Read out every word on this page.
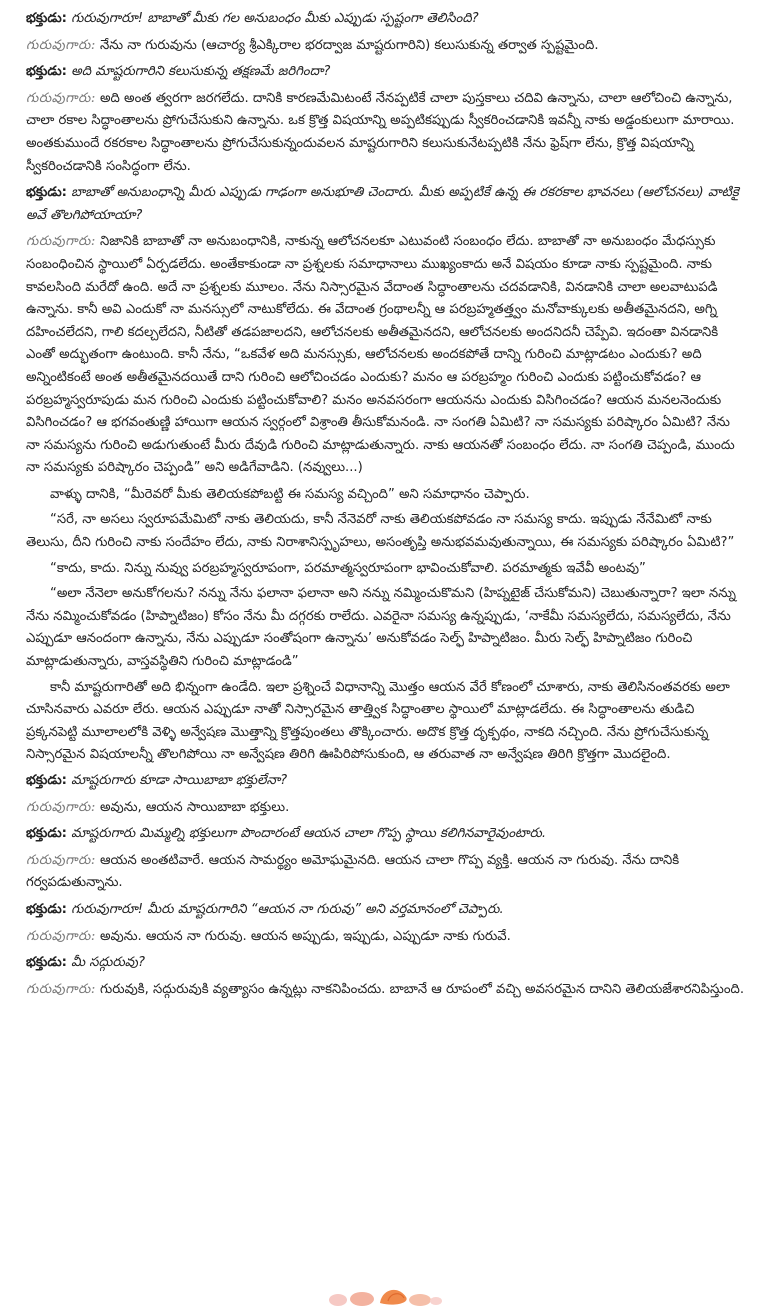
భక్తుడు: గురువుగారూ! బాబాతో మీకు గల అనుబంధం మీకు ఎప్పుడు స్పష్టంగా తెలిసింది?

గురువుగారు: నేను నా గురువును (ఆచార్య శ్రీఎక్కిరాల భరద్వాజ మాష్టరుగారిని) కలుసుకున్న తర్వాత స్పష్టమైంది.

భక్తుడు: అది మాష్టరుగారిని కలుసుకున్న తక్షణమే జరిగిందా?

గురువుగారు: అది అంత త్వరగా జరగలేదు. దానికి కారణమేమిటంటే నేనప్పటికే చాలా పుస్తకాలు చదివి ఉన్నాను, చాలా ఆలోచించి ఉన్నాను, చాలా రకాల సిద్ధాంతాలను ప్రోగుచేసుకుని ఉన్నాను. ఒక క్రొత్త విషయాన్ని అప్పటికప్పుడు స్వీకరించడానికి ఇవన్నీ నాకు అడ్డంకులుగా మారాయి. అంతకుముందే రకరకాల సిద్ధాంతాలను ప్రోగుచేసుకున్నందువలన మాష్టరుగారిని కలుసుకునేటప్పటికి నేను ఫ్రెష్‌గా లేను, క్రొత్త విషయాన్ని స్వీకరించడానికి సంసిద్ధంగా లేను.

భక్తుడు: బాబాతో అనుబంధాన్ని మీరు ఎప్పుడు గాఢంగా అనుభూతి చెందారు. మీకు అప్పటికే ఉన్న ఈ రకరకాల భావనలు (ఆలోచనలు) వాటికై అవే తొలగిపోయాయా?

గురువుగారు: నిజానికి బాబాతో నా అనుబంధానికి, నాకున్న ఆలోచనలకూ ఎటువంటి సంబంధం లేదు. బాబాతో నా అనుబంధం మేధస్సుకు సంబంధించిన స్థాయిలో ఏర్పడలేదు. అంతేకాకుండా నా ప్రశ్నలకు సమాధానాలు ముఖ్యంకాదు అనే విషయం కూడా నాకు స్పష్టమైంది. నాకు కావలసింది మరేదో ఉంది. అదే నా ప్రశ్నలకు మూలం. నేను నిస్సారమైన వేదాంత సిద్ధాంతాలను చదవడానికి, వినడానికి చాలా అలవాటుపడి ఉన్నాను. కానీ అవి ఎందుకో నా మనస్సులో నాటుకోలేదు. ఈ వేదాంత గ్రంథాలన్నీ ఆ పరబ్రహ్మతత్త్వం మనోవాక్కులకు అతీతమైనదని, అగ్ని దహించలేదని, గాలి కదల్చలేదని, నీటితో తడపజాలదని, ఆలోచనలకు అతీతమైనదని, ఆలోచనలకు అందనిదనీ చెప్పేవి. ఇదంతా వినడానికి ఎంతో అద్భుతంగా ఉంటుంది. కానీ నేను, “ఒకవేళ అది మనస్సుకు, ఆలోచనలకు అందకపోతే దాన్ని గురించి మాట్లాడటం ఎందుకు? అది అన్నింటికంటే అంత అతీతమైనదయితే దాని గురించి ఆలోచించడం ఎందుకు? మనం ఆ పరబ్రహ్మం గురించి ఎందుకు పట్టించుకోవడం? ఆ పరబ్రహ్మస్వరూపుడు మన గురించి ఎందుకు పట్టించుకోవాలి? మనం అనవసరంగా ఆయనను ఎందుకు విసిగించడం? ఆయన మనలనెందుకు విసిగించడం? ఆ భగవంతుణ్ణి హాయిగా ఆయన స్వర్గంలో విశ్రాంతి తీసుకోమనండి. నా సంగతి ఏమిటి? నా సమస్యకు పరిష్కారం ఏమిటి? నేను నా సమస్యను గురించి అడుగుతుంటే మీరు దేవుడి గురించి మాట్లాడుతున్నారు. నాకు ఆయనతో సంబంధం లేదు. నా సంగతి చెప్పండి, ముందు నా సమస్యకు పరిష్కారం చెప్పండి” అని అడిగేవాడిని. (నవ్వులు...)

వాళ్ళు దానికి, “మీరెవరో మీకు తెలియకపోబట్టి ఈ సమస్య వచ్చింది” అని సమాధానం చెప్పారు.

“సరే, నా అసలు స్వరూపమేమిటో నాకు తెలియదు, కానీ నేనెవరో నాకు తెలియకపోవడం నా సమస్య కాదు. ఇప్పుడు నేనేమిటో నాకు తెలుసు, దీని గురించి నాకు సందేహం లేదు, నాకు నిరాశానిస్పృహలు, అసంతృప్తి అనుభవమవుతున్నాయి, ఈ సమస్యకు పరిష్కారం ఏమిటి?”

“కాదు, కాదు. నిన్ను నువ్వు పరబ్రహ్మస్వరూపంగా, పరమాత్మస్వరూపంగా భావించుకోవాలి. పరమాత్మకు ఇవేవీ అంటవు”

“అలా నేనెలా అనుకోగలను? నన్ను నేను ఫలానా ఫలానా అని నన్ను నమ్మించుకొమని (హిప్నటైజ్ చేసుకోమని) చెబుతున్నారా? ఇలా నన్ను నేను నమ్మించుకోవడం (హిప్నాటిజం) కోసం నేను మీ దగ్గరకు రాలేదు. ఎవరైనా సమస్య ఉన్నప్పుడు, ‘నాకేమీ సమస్యలేదు, సమస్యలేదు, నేను ఎప్పుడూ ఆనందంగా ఉన్నాను, నేను ఎప్పుడూ సంతోషంగా ఉన్నాను’ అనుకోవడం సెల్ఫ్ హిప్నాటిజం. మీరు సెల్ఫ్ హిప్నాటిజం గురించి మాట్లాడుతున్నారు, వాస్తవస్థితిని గురించి మాట్లాడండి”

కానీ మాష్టరుగారితో అది భిన్నంగా ఉండేది. ఇలా ప్రశ్నించే విధానాన్ని మొత్తం ఆయన వేరే కోణంలో చూశారు, నాకు తెలిసినంతవరకు అలా చూసినవారు ఎవరూ లేరు. ఆయన ఎప్పుడూ నాతో నిస్సారమైన తాత్త్విక సిద్ధాంతాల స్థాయిలో మాట్లాడలేదు. ఈ సిద్ధాంతాలను తుడిచి ప్రక్కనపెట్టి మూలాలలోకి వెళ్ళి అన్వేషణ మొత్తాన్ని క్రొత్తపుంతలు తొక్కించారు. అదొక క్రొత్త దృక్పథం, నాకది నచ్చింది. నేను ప్రోగుచేసుకున్న నిస్సారమైన విషయాలన్నీ తొలగిపోయి నా అన్వేషణ తిరిగి ఊపిరిపోసుకుంది, ఆ తరువాత నా అన్వేషణ తిరిగి క్రొత్తగా మొదలైంది.

భక్తుడు: మాష్టరుగారు కూడా సాయిబాబా భక్తులేనా?

గురువుగారు: అవును, ఆయన సాయిబాబా భక్తులు.

భక్తుడు: మాష్టరుగారు మిమ్మల్ని భక్తులుగా పొందారంటే ఆయన చాలా గొప్ప స్థాయి కలిగినవారైవుంటారు.

గురువుగారు: ఆయన అంతటివారే. ఆయన సామర్థ్యం అమోఘమైనది. ఆయన చాలా గొప్ప వ్యక్తి. ఆయన నా గురువు. నేను దానికి గర్వపడుతున్నాను.

భక్తుడు: గురువుగారూ! మీరు మాష్టరుగారిని “ఆయన నా గురువు” అని వర్తమానంలో చెప్పారు.

గురువుగారు: అవును. ఆయన నా గురువు. ఆయన అప్పుడు, ఇప్పుడు, ఎప్పుడూ నాకు గురువే.

భక్తుడు: మీ సద్గురువు?

గురువుగారు: గురువుకి, సద్గురువుకి వ్యత్యాసం ఉన్నట్లు నాకనిపించదు. బాబానే ఆ రూపంలో వచ్చి అవసరమైన దానిని తెలియజేశారనిపిస్తుంది.
